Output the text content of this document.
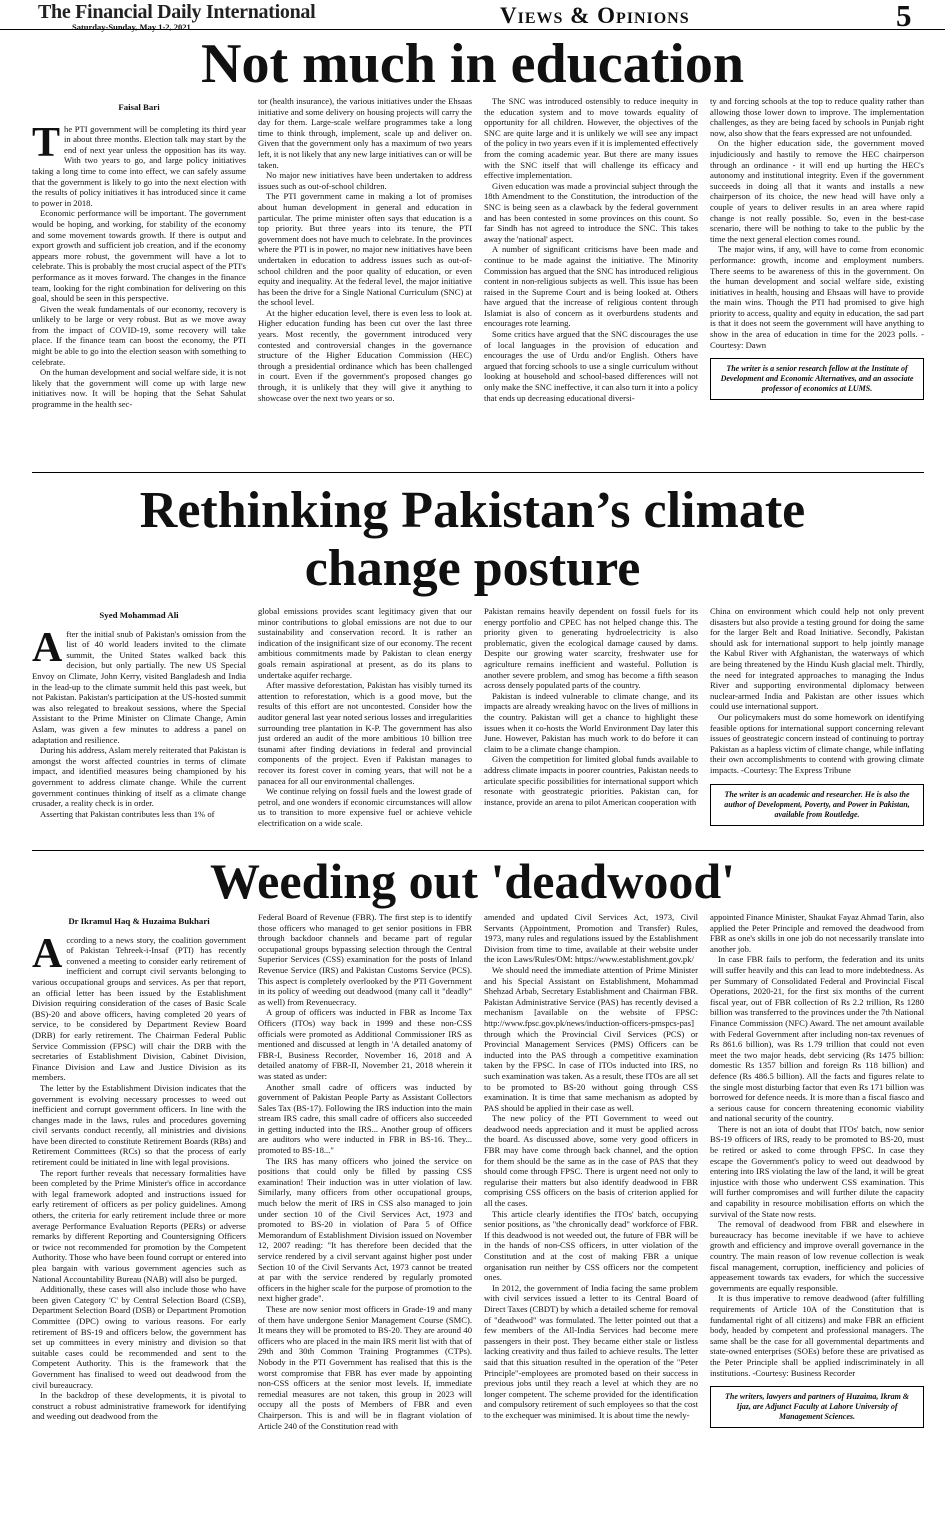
The Financial Daily International
Saturday-Sunday, May 1-2, 2021	Views & Opinions	5
Not much in education
Faisal Bari

The PTI government will be completing its third year in about three months. Election talk may start by the end of next year unless the opposition has its way. With two years to go, and large policy initiatives taking a long time to come into effect, we can safely assume that the government is likely to go into the next election with the results of policy initiatives it has introduced since it came to power in 2018.

Economic performance will be important. The government would be hoping, and working, for stability of the economy and some movement towards growth. If there is output and export growth and sufficient job creation, and if the economy appears more robust, the government will have a lot to celebrate. This is probably the most crucial aspect of the PTI's performance as it moves forward. The changes in the finance team, looking for the right combination for delivering on this goal, should be seen in this perspective.

Given the weak fundamentals of our economy, recovery is unlikely to be large or very robust. But as we move away from the impact of COVID-19, some recovery will take place. If the finance team can boost the economy, the PTI might be able to go into the election season with something to celebrate.

On the human development and social welfare side, it is not likely that the government will come up with large new initiatives now. It will be hoping that the Sehat Sahulat programme in the health sec-

tor (health insurance), the various initiatives under the Ehsaas initiative and some delivery on housing projects will carry the day for them. Large-scale welfare programmes take a long time to think through, implement, scale up and deliver on. Given that the government only has a maximum of two years left, it is not likely that any new large initiatives can or will be taken.

No major new initiatives have been undertaken to address issues such as out-of-school children.

The PTI government came in making a lot of promises about human development in general and education in particular. The prime minister often says that education is a top priority. But three years into its tenure, the PTI government does not have much to celebrate. In the provinces where the PTI is in power, no major new initiatives have been undertaken in education to address issues such as out-of-school children and the poor quality of education, or even equity and inequality. At the federal level, the major initiative has been the drive for a Single National Curriculum (SNC) at the school level.

At the higher education level, there is even less to look at. Higher education funding has been cut over the last three years. Most recently, the government introduced very contested and controversial changes in the governance structure of the Higher Education Commission (HEC) through a presidential ordinance which has been challenged in court. Even if the government's proposed changes go through, it is unlikely that they will give it anything to showcase over the next two years or so.

The SNC was introduced ostensibly to reduce inequity in the education system and to move towards equality of opportunity for all children. However, the objectives of the SNC are quite large and it is unlikely we will see any impact of the policy in two years even if it is implemented effectively from the coming academic year. But there are many issues with the SNC itself that will challenge its efficacy and effective implementation.

Given education was made a provincial subject through the 18th Amendment to the Constitution, the introduction of the SNC is being seen as a clawback by the federal government and has been contested in some provinces on this count. So far Sindh has not agreed to introduce the SNC. This takes away the 'national' aspect.

A number of significant criticisms have been made and continue to be made against the initiative. The Minority Commission has argued that the SNC has introduced religious content in non-religious subjects as well. This issue has been raised in the Supreme Court and is being looked at. Others have argued that the increase of religious content through Islamiat is also of concern as it overburdens students and encourages rote learning.

Some critics have argued that the SNC discourages the use of local languages in the provision of education and encourages the use of Urdu and/or English. Others have argued that forcing schools to use a single curriculum without looking at household and school-based differences will not only make the SNC ineffective, it can also turn it into a policy that ends up decreasing educational diversi-

ty and forcing schools at the top to reduce quality rather than allowing those lower down to improve. The implementation challenges, as they are being faced by schools in Punjab right now, also show that the fears expressed are not unfounded.

On the higher education side, the government moved injudiciously and hastily to remove the HEC chairperson through an ordinance - it will end up hurting the HEC's autonomy and institutional integrity. Even if the government succeeds in doing all that it wants and installs a new chairperson of its choice, the new head will have only a couple of years to deliver results in an area where rapid change is not really possible. So, even in the best-case scenario, there will be nothing to take to the public by the time the next general election comes round.

The major wins, if any, will have to come from economic performance: growth, income and employment numbers. There seems to be awareness of this in the government. On the human development and social welfare side, existing initiatives in health, housing and Ehsaas will have to provide the main wins. Though the PTI had promised to give high priority to access, quality and equity in education, the sad part is that it does not seem the government will have anything to show in the area of education in time for the 2023 polls. -Courtesy: Dawn

The writer is a senior research fellow at the Institute of Development and Economic Alternatives, and an associate professor of economics at LUMS.
Rethinking Pakistan’s climate
change posture
Syed Mohammad Ali

After the initial snub of Pakistan's omission from the list of 40 world leaders invited to the climate summit, the United States walked back this decision, but only partially. The new US Special Envoy on Climate, John Kerry, visited Bangladesh and India in the lead-up to the climate summit held this past week, but not Pakistan. Pakistan's participation at the US-hosted summit was also relegated to breakout sessions, where the Special Assistant to the Prime Minister on Climate Change, Amin Aslam, was given a few minutes to address a panel on adaptation and resilience.

During his address, Aslam merely reiterated that Pakistan is amongst the worst affected countries in terms of climate impact, and identified measures being championed by his government to address climate change. While the current government continues thinking of itself as a climate change crusader, a reality check is in order.

Asserting that Pakistan contributes less than 1% of

global emissions provides scant legitimacy given that our minor contributions to global emissions are not due to our sustainability and conservation record. It is rather an indication of the insignificant size of our economy. The recent ambitious commitments made by Pakistan to clean energy goals remain aspirational at present, as do its plans to undertake aquifer recharge.

After massive deforestation, Pakistan has visibly turned its attention to reforestation, which is a good move, but the results of this effort are not uncontested. Consider how the auditor general last year noted serious losses and irregularities surrounding tree plantation in K-P. The government has also just ordered an audit of the more ambitious 10 billion tree tsunami after finding deviations in federal and provincial components of the project. Even if Pakistan manages to recover its forest cover in coming years, that will not be a panacea for all our environmental challenges.

We continue relying on fossil fuels and the lowest grade of petrol, and one wonders if economic circumstances will allow us to transition to more expensive fuel or achieve vehicle electrification on a wide scale.

Pakistan remains heavily dependent on fossil fuels for its energy portfolio and CPEC has not helped change this. The priority given to generating hydroelectricity is also problematic, given the ecological damage caused by dams. Despite our growing water scarcity, freshwater use for agriculture remains inefficient and wasteful. Pollution is another severe problem, and smog has become a fifth season across densely populated parts of the country.

Pakistan is indeed vulnerable to climate change, and its impacts are already wreaking havoc on the lives of millions in the country. Pakistan will get a chance to highlight these issues when it co-hosts the World Environment Day later this June. However, Pakistan has much work to do before it can claim to be a climate change champion.

Given the competition for limited global funds available to address climate impacts in poorer countries, Pakistan needs to articulate specific possibilities for international support which resonate with geostrategic priorities. Pakistan can, for instance, provide an arena to pilot American cooperation with

China on environment which could help not only prevent disasters but also provide a testing ground for doing the same for the larger Belt and Road Initiative. Secondly, Pakistan should ask for international support to help jointly manage the Kabul River with Afghanistan, the waterways of which are being threatened by the Hindu Kush glacial melt. Thirdly, the need for integrated approaches to managing the Indus River and supporting environmental diplomacy between nuclear-armed India and Pakistan are other issues which could use international support.

Our policymakers must do some homework on identifying feasible options for international support concerning relevant issues of geostrategic concern instead of continuing to portray Pakistan as a hapless victim of climate change, while inflating their own accomplishments to contend with growing climate impacts. -Courtesy: The Express Tribune

The writer is an academic and researcher. He is also the author of Development, Poverty, and Power in Pakistan, available from Routledge.
Weeding out 'deadwood'
Dr Ikramul Haq & Huzaima Bukhari

According to a news story, the coalition government of Pakistan Tehreek-i-Insaf (PTI) has recently convened a meeting to consider early retirement of inefficient and corrupt civil servants belonging to various occupational groups and services. As per that report, an official letter has been issued by the Establishment Division requiring consideration of the cases of Basic Scale (BS)-20 and above officers, having completed 20 years of service, to be considered by Department Review Board (DRB) for early retirement. The Chairman Federal Public Service Commission (FPSC) will chair the DRB with the secretaries of Establishment Division, Cabinet Division, Finance Division and Law and Justice Division as its members.

The letter by the Establishment Division indicates that the government is evolving necessary processes to weed out inefficient and corrupt government officers. In line with the changes made in the laws, rules and procedures governing civil servants conduct recently, all ministries and divisions have been directed to constitute Retirement Boards (RBs) and Retirement Committees (RCs) so that the process of early retirement could be initiated in line with legal provisions.

The report further reveals that necessary formalities have been completed by the Prime Minister's office in accordance with legal framework adopted and instructions issued for early retirement of officers as per policy guidelines. Among others, the criteria for early retirement include three or more average Performance Evaluation Reports (PERs) or adverse remarks by different Reporting and Countersigning Officers or twice not recommended for promotion by the Competent Authority. Those who have been found corrupt or entered into plea bargain with various government agencies such as National Accountability Bureau (NAB) will also be purged.

Additionally, these cases will also include those who have been given Category 'C' by Central Selection Board (CSB), Department Selection Board (DSB) or Department Promotion Committee (DPC) owing to various reasons. For early retirement of BS-19 and officers below, the government has set up committees in every ministry and division so that suitable cases could be recommended and sent to the Competent Authority. This is the framework that the Government has finalised to weed out deadwood from the civil bureaucracy.

In the backdrop of these developments, it is pivotal to construct a robust administrative framework for identifying and weeding out deadwood from the

Federal Board of Revenue (FBR). The first step is to identify those officers who managed to get senior positions in FBR through backdoor channels and became part of regular occupational groups bypassing selection through the Central Superior Services (CSS) examination for the posts of Inland Revenue Service (IRS) and Pakistan Customs Service (PCS). This aspect is completely overlooked by the PTI Government in its policy of weeding out deadwood (many call it "deadly" as well) from Revenuecracy.

A group of officers was inducted in FBR as Income Tax Officers (ITOs) way back in 1999 and these non-CSS officials were promoted as Additional Commissioner IRS as mentioned and discussed at length in 'A detailed anatomy of FBR-I, Business Recorder, November 16, 2018 and A detailed anatomy of FBR-II, November 21, 2018 wherein it was stated as under:

Another small cadre of officers was inducted by government of Pakistan People Party as Assistant Collectors Sales Tax (BS-17). Following the IRS induction into the main stream IRS cadre, this small cadre of officers also succeeded in getting inducted into the IRS... Another group of officers are auditors who were inducted in FBR in BS-16. They... promoted to BS-18..."

The IRS has many officers who joined the service on positions that could only be filled by passing CSS examination! Their induction was in utter violation of law. Similarly, many officers from other occupational groups, much below the merit of IRS in CSS also managed to join under section 10 of the Civil Services Act, 1973 and promoted to BS-20 in violation of Para 5 of Office Memorandum of Establishment Division issued on November 12, 2007 reading: "It has therefore been decided that the service rendered by a civil servant against higher post under Section 10 of the Civil Servants Act, 1973 cannot be treated at par with the service rendered by regularly promoted officers in the higher scale for the purpose of promotion to the next higher grade".

These are now senior most officers in Grade-19 and many of them have undergone Senior Management Course (SMC). It means they will be promoted to BS-20. They are around 40 officers who are placed in the main IRS merit list with that of 29th and 30th Common Training Programmes (CTPs). Nobody in the PTI Government has realised that this is the worst compromise that FBR has ever made by appointing non-CSS officers at the senior most levels. If, immediate remedial measures are not taken, this group in 2023 will occupy all the posts of Members of FBR and even Chairperson. This is and will be in flagrant violation of Article 240 of the Constitution read with

amended and updated Civil Services Act, 1973, Civil Servants (Appointment, Promotion and Transfer) Rules, 1973, many rules and regulations issued by the Establishment Division from time to time, available at their website under the icon Laws/Rules/OM: https://www.establishment.gov.pk/

We should need the immediate attention of Prime Minister and his Special Assistant on Establishment, Mohammad Shehzad Arbab, Secretary Establishment and Chairman FBR. Pakistan Administrative Service (PAS) has recently devised a mechanism [available on the website of FPSC: http://www.fpsc.gov.pk/news/induction-officers-pmspcs-pas] through which the Provincial Civil Services (PCS) or Provincial Management Services (PMS) Officers can be inducted into the PAS through a competitive examination taken by the FPSC. In case of ITOs inducted into IRS, no such examination was taken. As a result, these ITOs are all set to be promoted to BS-20 without going through CSS examination. It is time that same mechanism as adopted by PAS should be applied in their case as well.

The new policy of the PTI Government to weed out deadwood needs appreciation and it must be applied across the board. As discussed above, some very good officers in FBR may have come through back channel, and the option for them should be the same as in the case of PAS that they should come through FPSC. There is urgent need not only to regularise their matters but also identify deadwood in FBR comprising CSS officers on the basis of criterion applied for all the cases.

This article clearly identifies the ITOs' batch, occupying senior positions, as "the chronically dead" workforce of FBR. If this deadwood is not weeded out, the future of FBR will be in the hands of non-CSS officers, in utter violation of the Constitution and at the cost of making FBR a unique organisation run neither by CSS officers nor the competent ones.

In 2012, the government of India facing the same problem with civil services issued a letter to its Central Board of Direct Taxes (CBDT) by which a detailed scheme for removal of "deadwood" was formulated. The letter pointed out that a few members of the All-India Services had become mere passengers in their post. They became either stale or listless lacking creativity and thus failed to achieve results. The letter said that this situation resulted in the operation of the "Peter Principle"-employees are promoted based on their success in previous jobs until they reach a level at which they are no longer competent. The scheme provided for the identification and compulsory retirement of such employees so that the cost to the exchequer was minimised. It is about time the newly-

appointed Finance Minister, Shaukat Fayaz Ahmad Tarin, also applied the Peter Principle and removed the deadwood from FBR as one's skills in one job do not necessarily translate into another job.

In case FBR fails to perform, the federation and its units will suffer heavily and this can lead to more indebtedness. As per Summary of Consolidated Federal and Provincial Fiscal Operations, 2020-21, for the first six months of the current fiscal year, out of FBR collection of Rs 2.2 trillion, Rs 1280 billion was transferred to the provinces under the 7th National Finance Commission (NFC) Award. The net amount available with Federal Government after including non-tax revenues of Rs 861.6 billion), was Rs 1.79 trillion that could not even meet the two major heads, debt servicing (Rs 1475 billion: domestic Rs 1357 billion and foreign Rs 118 billion) and defence (Rs 486.5 billion). All the facts and figures relate to the single most disturbing factor that even Rs 171 billion was borrowed for defence needs. It is more than a fiscal fiasco and a serious cause for concern threatening economic viability and national security of the country.

There is not an iota of doubt that ITOs' batch, now senior BS-19 officers of IRS, ready to be promoted to BS-20, must be retired or asked to come through FPSC. In case they escape the Government's policy to weed out deadwood by entering into IRS violating the law of the land, it will be great injustice with those who underwent CSS examination. This will further compromises and will further dilute the capacity and capability in resource mobilisation efforts on which the survival of the State now rests.

The removal of deadwood from FBR and elsewhere in bureaucracy has become inevitable if we have to achieve growth and efficiency and improve overall governance in the country. The main reason of low revenue collection is weak fiscal management, corruption, inefficiency and policies of appeasement towards tax evaders, for which the successive governments are equally responsible.

It is thus imperative to remove deadwood (after fulfilling requirements of Article 10A of the Constitution that is fundamental right of all citizens) and make FBR an efficient body, headed by competent and professional managers. The same shall be the case for all governmental departments and state-owned enterprises (SOEs) before these are privatised as the Peter Principle shall be applied indiscriminately in all institutions. -Courtesy: Business Recorder

The writers, lawyers and partners of Huzaima, Ikram & Ijaz, are Adjunct Faculty at Lahore University of Management Sciences.
